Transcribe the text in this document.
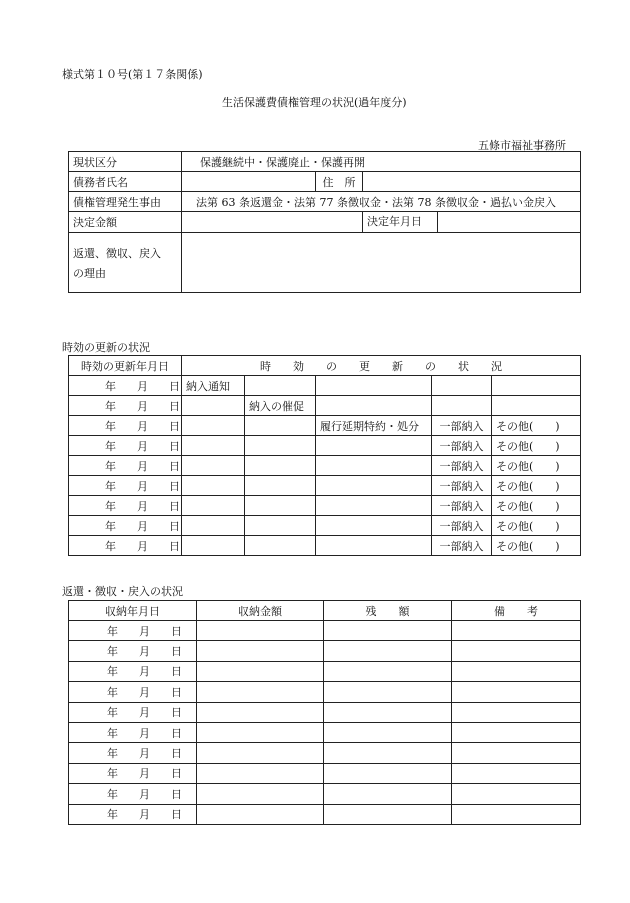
様式第１０号(第１７条関係)
生活保護費債権管理の状況(過年度分)
五條市福祉事務所
現状区分	保護継続中・保護廃止・保護再開		
債務者氏名		住　所	
債権管理発生事由	法第 63 条返還金・法第 77 条徴収金・法第 78 条徴収金・過払い金戻入		
決定金額			決定年月日

返還、徴収、戻入
の理由			

時効の更新の状況
時効の更新年月日	時　　効　　の　　更　　新　　の　　状　　況				
年 月 日	納入通知				
年 月 日		納入の催促			
年 月 日			履行延期特約・処分	一部納入	その他(　　)
年 月 日				一部納入	その他(　　)
年 月 日				一部納入	その他(　　)
年 月 日				一部納入	その他(　　)
年 月 日				一部納入	その他(　　)
年 月 日				一部納入	その他(　　)
年 月 日				一部納入	その他(　　)
返還・徴収・戻入の状況
収納年月日	収納金額	残　　額	備　　考
年 月 日			
年 月 日			
年 月 日			
年 月 日			
年 月 日			
年 月 日			
年 月 日			
年 月 日			
年 月 日			
年 月 日			
